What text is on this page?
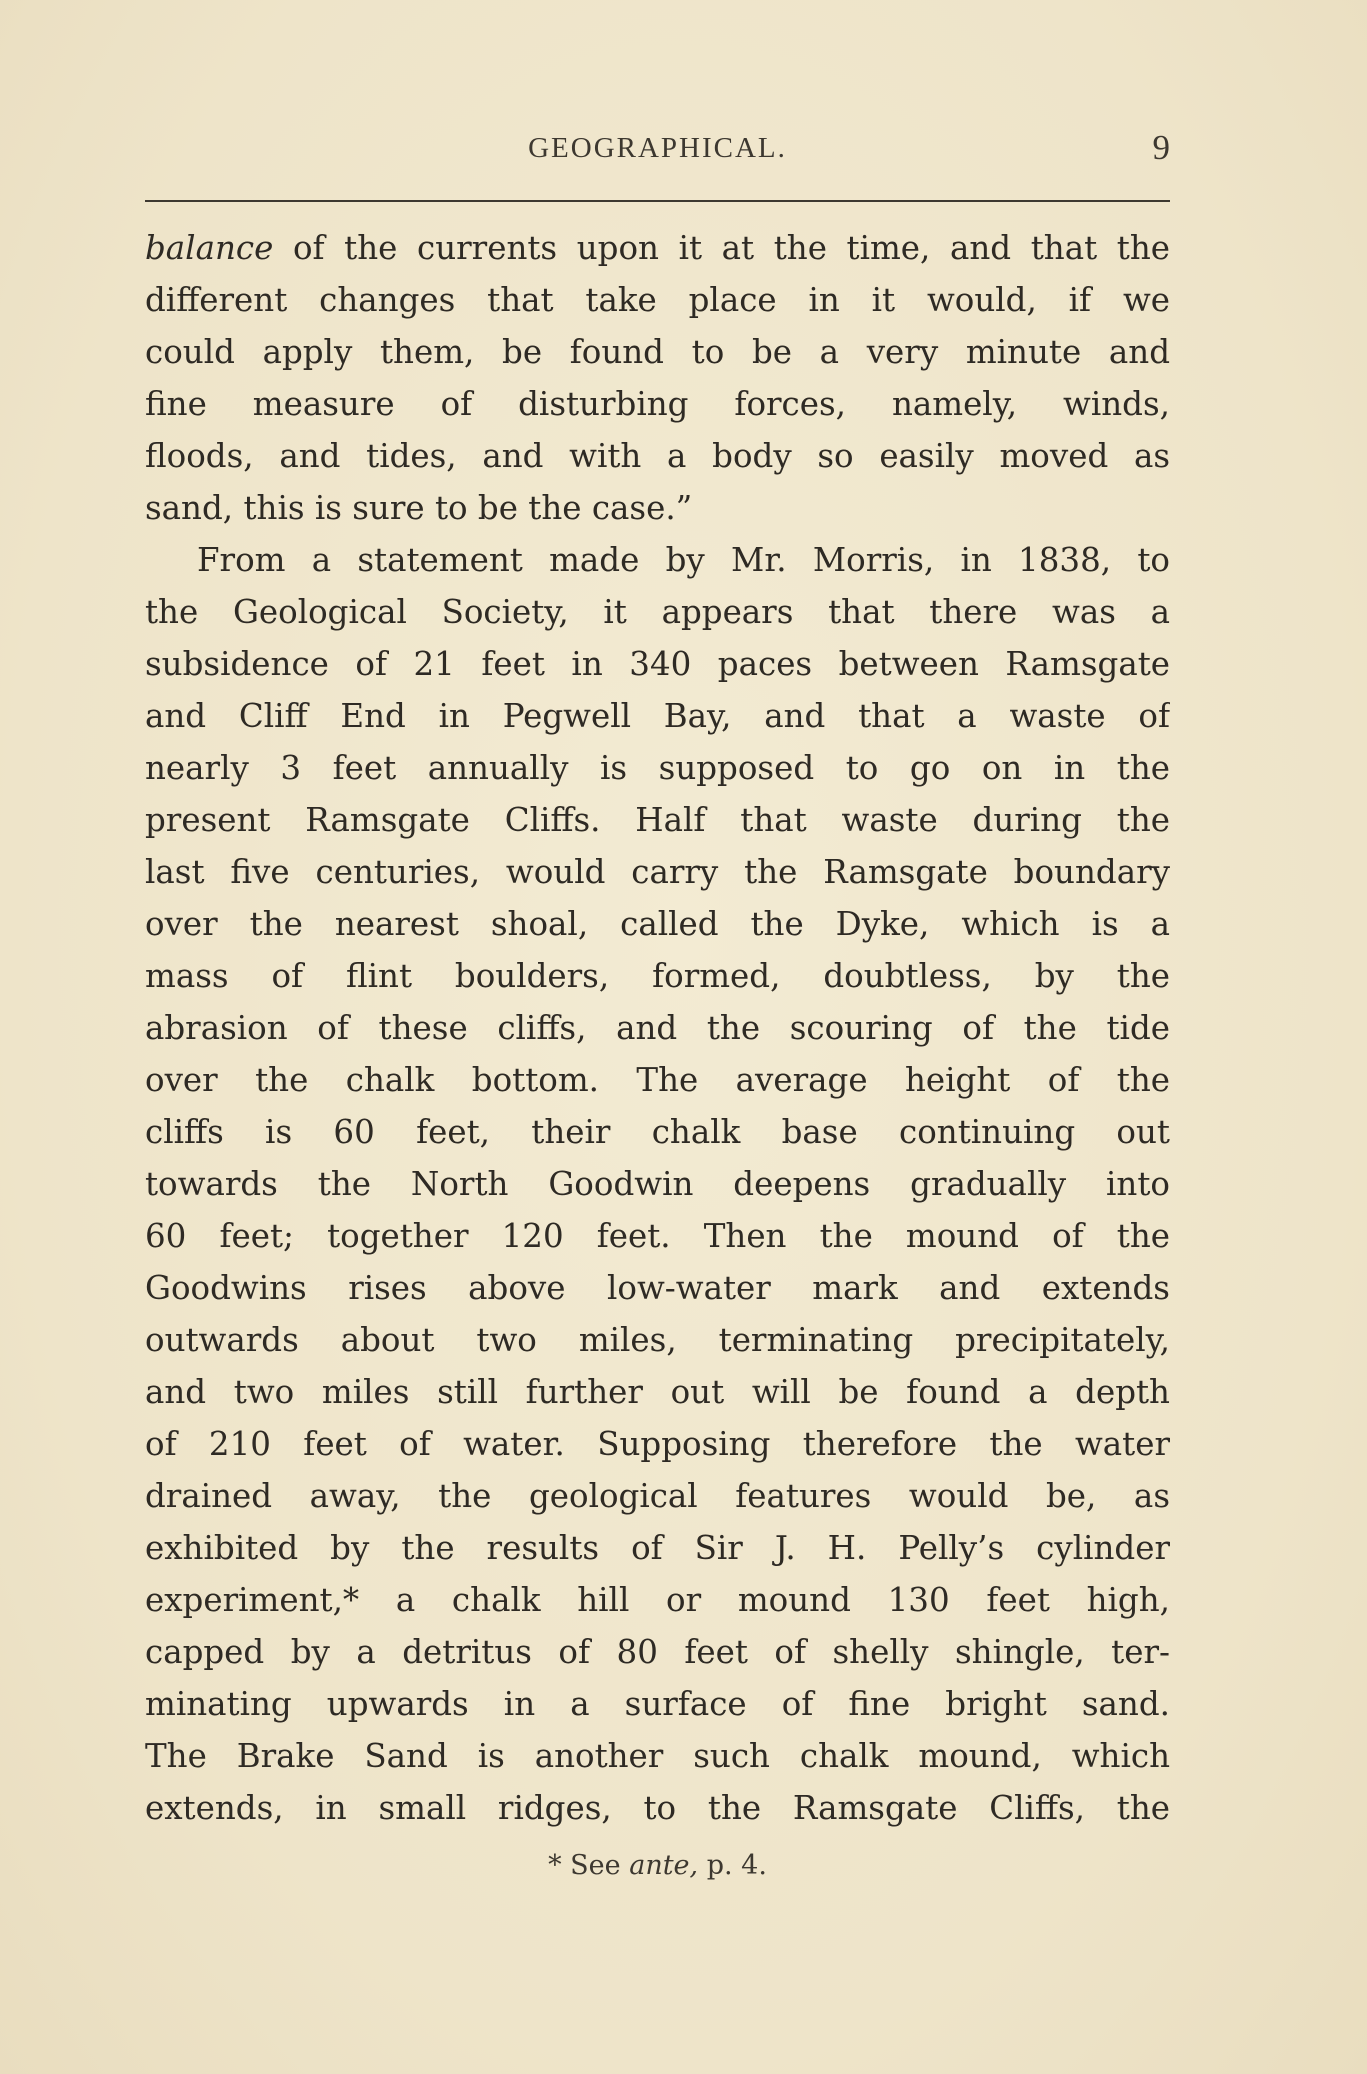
GEOGRAPHICAL.	9
balance of the currents upon it at the time, and that the
different changes that take place in it would, if we
could apply them, be found to be a very minute and
fine measure of disturbing forces, namely, winds,
floods, and tides, and with a body so easily moved as
sand, this is sure to be the case.”
From a statement made by Mr. Morris, in 1838, to
the Geological Society, it appears that there was a
subsidence of 21 feet in 340 paces between Ramsgate
and Cliff End in Pegwell Bay, and that a waste of
nearly 3 feet annually is supposed to go on in the
present Ramsgate Cliffs. Half that waste during the
last five centuries, would carry the Ramsgate boundary
over the nearest shoal, called the Dyke, which is a
mass of flint boulders, formed, doubtless, by the
abrasion of these cliffs, and the scouring of the tide
over the chalk bottom. The average height of the
cliffs is 60 feet, their chalk base continuing out
towards the North Goodwin deepens gradually into
60 feet; together 120 feet. Then the mound of the
Goodwins rises above low-water mark and extends
outwards about two miles, terminating precipitately,
and two miles still further out will be found a depth
of 210 feet of water. Supposing therefore the water
drained away, the geological features would be, as
exhibited by the results of Sir J. H. Pelly’s cylinder
experiment,* a chalk hill or mound 130 feet high,
capped by a detritus of 80 feet of shelly shingle, ter-
minating upwards in a surface of fine bright sand.
The Brake Sand is another such chalk mound, which
extends, in small ridges, to the Ramsgate Cliffs, the
* See ante, p. 4.
